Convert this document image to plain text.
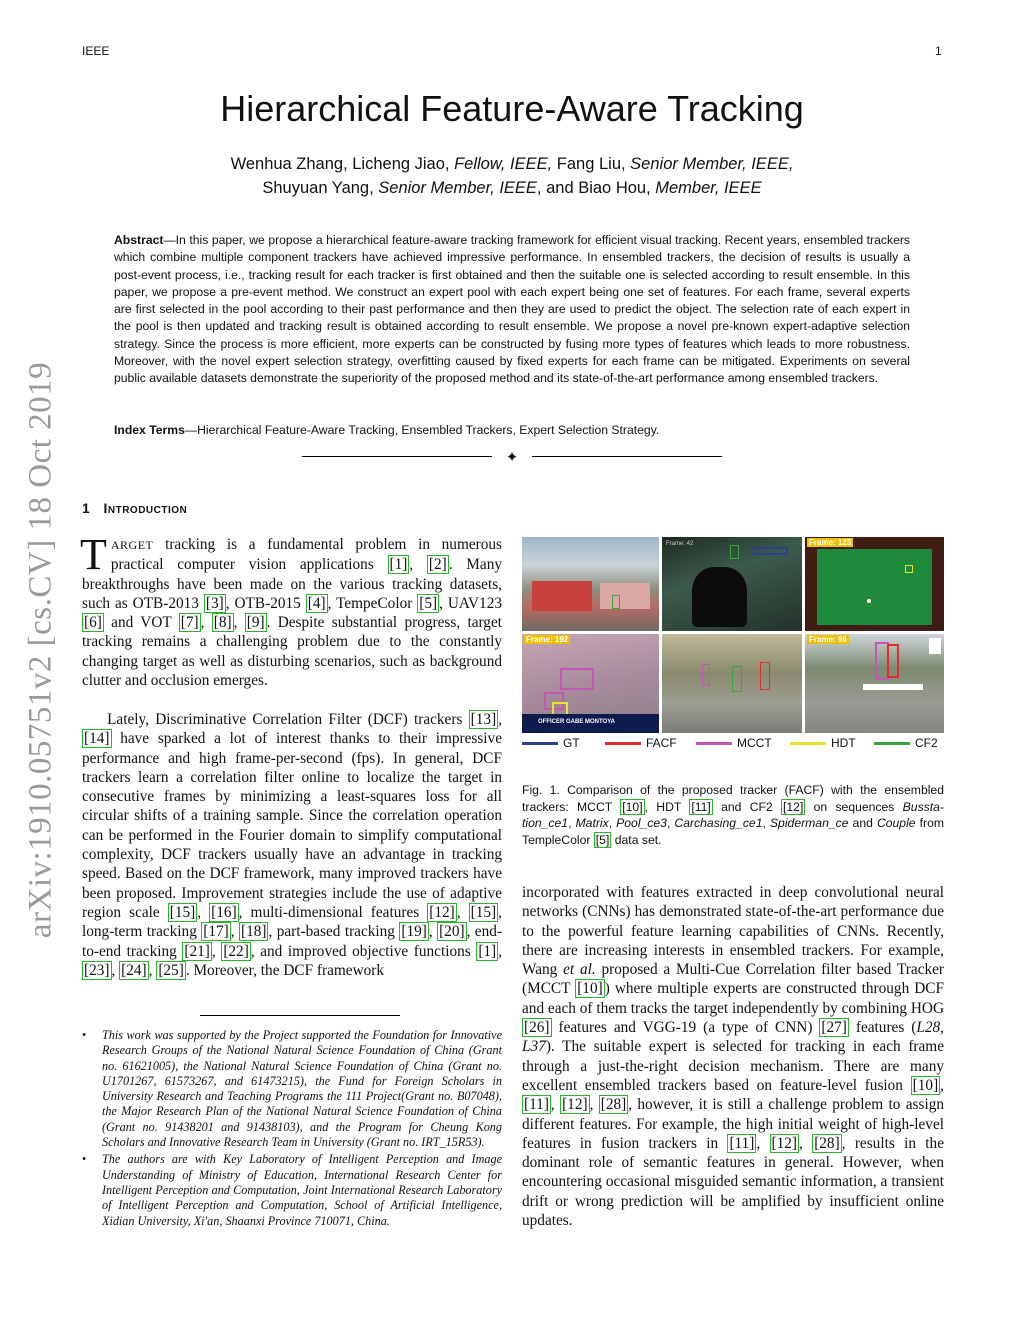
IEEE	1
arXiv:1910.05751v2 [cs.CV] 18 Oct 2019
Hierarchical Feature-Aware Tracking
Wenhua Zhang, Licheng Jiao, Fellow, IEEE, Fang Liu, Senior Member, IEEE,
Shuyuan Yang, Senior Member, IEEE, and Biao Hou, Member, IEEE
Abstract—In this paper, we propose a hierarchical feature-aware tracking framework for efficient visual tracking. Recent years, ensembled trackers which combine multiple component trackers have achieved impressive performance. In ensembled trackers, the decision of results is usually a post-event process, i.e., tracking result for each tracker is first obtained and then the suitable one is selected according to result ensemble. In this paper, we propose a pre-event method. We construct an expert pool with each expert being one set of features. For each frame, several experts are first selected in the pool according to their past performance and then they are used to predict the object. The selection rate of each expert in the pool is then updated and tracking result is obtained according to result ensemble. We propose a novel pre-known expert-adaptive selection strategy. Since the process is more efficient, more experts can be constructed by fusing more types of features which leads to more robustness. Moreover, with the novel expert selection strategy, overfitting caused by fixed experts for each frame can be mitigated. Experiments on several public available datasets demonstrate the superiority of the proposed method and its state-of-the-art performance among ensembled trackers.
Index Terms—Hierarchical Feature-Aware Tracking, Ensembled Trackers, Expert Selection Strategy.
✦
1 Introduction
TARGET tracking is a fundamental problem in numerous practical computer vision applications [1] , [2] . Many breakthroughs have been made on the various tracking datasets, such as OTB-2013 [3] , OTB-2015 [4] , TempeColor [5] , UAV123 [6] and VOT [7] , [8] , [9] . Despite substantial progress, target tracking remains a challenging problem due to the constantly changing target as well as disturbing scenarios, such as background clutter and occlusion emerges.
Lately, Discriminative Correlation Filter (DCF) trackers [13] , [14] have sparked a lot of interest thanks to their impressive performance and high frame-per-second (fps). In general, DCF trackers learn a correlation filter online to localize the target in consecutive frames by minimizing a least-squares loss for all circular shifts of a training sample. Since the correlation operation can be performed in the Fourier domain to simplify computational complexity, DCF trackers usually have an advantage in tracking speed. Based on the DCF framework, many improved trackers have been proposed. Improvement strategies include the use of adaptive region scale [15] , [16] , multi-dimensional features [12] , [15] , long-term tracking [17] , [18] , part-based tracking [19] , [20] , end-to-end tracking [21] , [22] , and improved objective functions [1] , [23] , [24] , [25] . Moreover, the DCF framework
• This work was supported by the Project supported the Foundation for Innovative Research Groups of the National Natural Science Foundation of China (Grant no. 61621005), the National Natural Science Foundation of China (Grant no. U1701267, 61573267, and 61473215), the Fund for Foreign Scholars in University Research and Teaching Programs the 111 Project(Grant no. B07048), the Major Research Plan of the National Natural Science Foundation of China (Grant no. 91438201 and 91438103), and the Program for Cheung Kong Scholars and Innovative Research Team in University (Grant no. IRT_15R53).
• The authors are with Key Laboratory of Intelligent Perception and Image Understanding of Ministry of Education, International Research Center for Intelligent Perception and Computation, Joint International Research Laboratory of Intelligent Perception and Computation, School of Artificial Intelligence, Xidian University, Xi'an, Shaanxi Province 710071, China.
Frame: 42	Frame: 123
Frame: 192
OFFICER GABE MONTOYA
Frame: 96
GT	FACF	MCCT	HDT	CF2
Fig. 1. Comparison of the proposed tracker (FACF) with the ensembled trackers: MCCT [10] , HDT [11] and CF2 [12] on sequences Bussta-tion_ce1, Matrix, Pool_ce3, Carchasing_ce1, Spiderman_ce and Couple from TempleColor [5] data set.
incorporated with features extracted in deep convolutional neural networks (CNNs) has demonstrated state-of-the-art performance due to the powerful feature learning capabilities of CNNs. Recently, there are increasing interests in ensembled trackers. For example, Wang et al. proposed a Multi-Cue Correlation filter based Tracker (MCCT [10] ) where multiple experts are constructed through DCF and each of them tracks the target independently by combining HOG [26] features and VGG-19 (a type of CNN) [27] features (L28, L37). The suitable expert is selected for tracking in each frame through a just-the-right decision mechanism. There are many excellent ensembled trackers based on feature-level fusion [10] , [11] , [12] , [28] , however, it is still a challenge problem to assign different features. For example, the high initial weight of high-level features in fusion trackers in [11] , [12] , [28] , results in the dominant role of semantic features in general. However, when encountering occasional misguided semantic information, a transient drift or wrong prediction will be amplified by insufficient online updates.
